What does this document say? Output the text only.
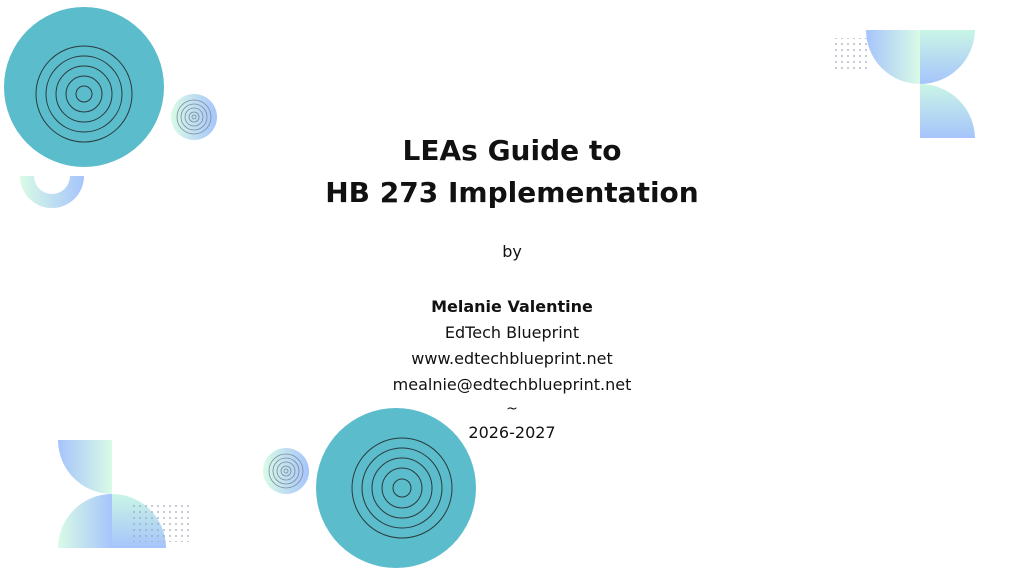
LEAs Guide to
HB 273 Implementation
by
Melanie Valentine
EdTech Blueprint
www.edtechblueprint.net
mealnie@edtechblueprint.net
~
2026-2027
